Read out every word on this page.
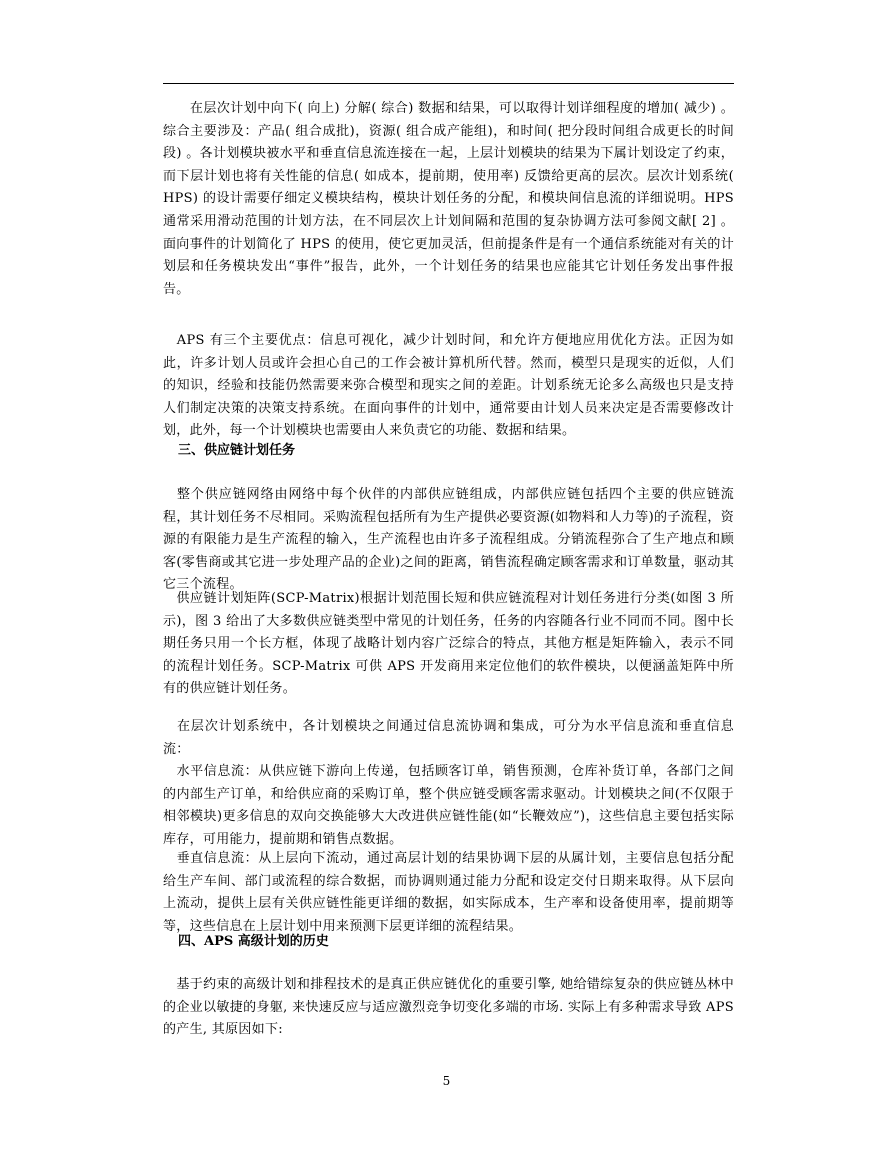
　　在层次计划中向下( 向上) 分解( 综合) 数据和结果，可以取得计划详细程度的增加( 减少) 。综合主要涉及：产品( 组合成批)，资源( 组合成产能组)，和时间( 把分段时间组合成更长的时间段) 。各计划模块被水平和垂直信息流连接在一起，上层计划模块的结果为下属计划设定了约束，而下层计划也将有关性能的信息( 如成本，提前期，使用率) 反馈给更高的层次。层次计划系统( HPS) 的设计需要仔细定义模块结构，模块计划任务的分配，和模块间信息流的详细说明。HPS 通常采用滑动范围的计划方法，在不同层次上计划间隔和范围的复杂协调方法可参阅文献[ 2] 。面向事件的计划简化了 HPS 的使用，使它更加灵活，但前提条件是有一个通信系统能对有关的计划层和任务模块发出“事件”报告，此外，一个计划任务的结果也应能其它计划任务发出事件报告。

　APS 有三个主要优点：信息可视化，减少计划时间，和允许方便地应用优化方法。正因为如此，许多计划人员或许会担心自己的工作会被计算机所代替。然而，模型只是现实的近似，人们的知识，经验和技能仍然需要来弥合模型和现实之间的差距。计划系统无论多么高级也只是支持人们制定决策的决策支持系统。在面向事件的计划中，通常要由计划人员来决定是否需要修改计划，此外，每一个计划模块也需要由人来负责它的功能、数据和结果。

三、供应链计划任务

　整个供应链网络由网络中每个伙伴的内部供应链组成，内部供应链包括四个主要的供应链流程，其计划任务不尽相同。采购流程包括所有为生产提供必要资源(如物料和人力等)的子流程，资源的有限能力是生产流程的输入，生产流程也由许多子流程组成。分销流程弥合了生产地点和顾客(零售商或其它进一步处理产品的企业)之间的距离，销售流程确定顾客需求和订单数量，驱动其它三个流程。

　供应链计划矩阵(SCP-Matrix)根据计划范围长短和供应链流程对计划任务进行分类(如图 3 所示)，图 3 给出了大多数供应链类型中常见的计划任务，任务的内容随各行业不同而不同。图中长期任务只用一个长方框，体现了战略计划内容广泛综合的特点，其他方框是矩阵输入，表示不同的流程计划任务。SCP-Matrix 可供 APS 开发商用来定位他们的软件模块，以便涵盖矩阵中所有的供应链计划任务。

　在层次计划系统中，各计划模块之间通过信息流协调和集成，可分为水平信息流和垂直信息流：

　水平信息流：从供应链下游向上传递，包括顾客订单，销售预测，仓库补货订单，各部门之间的内部生产订单，和给供应商的采购订单，整个供应链受顾客需求驱动。计划模块之间(不仅限于相邻模块)更多信息的双向交换能够大大改进供应链性能(如“长鞭效应”)，这些信息主要包括实际库存，可用能力，提前期和销售点数据。

　垂直信息流：从上层向下流动，通过高层计划的结果协调下层的从属计划，主要信息包括分配给生产车间、部门或流程的综合数据，而协调则通过能力分配和设定交付日期来取得。从下层向上流动，提供上层有关供应链性能更详细的数据，如实际成本，生产率和设备使用率，提前期等等，这些信息在上层计划中用来预测下层更详细的流程结果。

四、APS 高级计划的历史

　基于约束的高级计划和排程技术的是真正供应链优化的重要引擎, 她给错综复杂的供应链丛林中的企业以敏捷的身躯, 来快速反应与适应激烈竞争切变化多端的市场. 实际上有多种需求导致 APS 的产生, 其原因如下:

5
